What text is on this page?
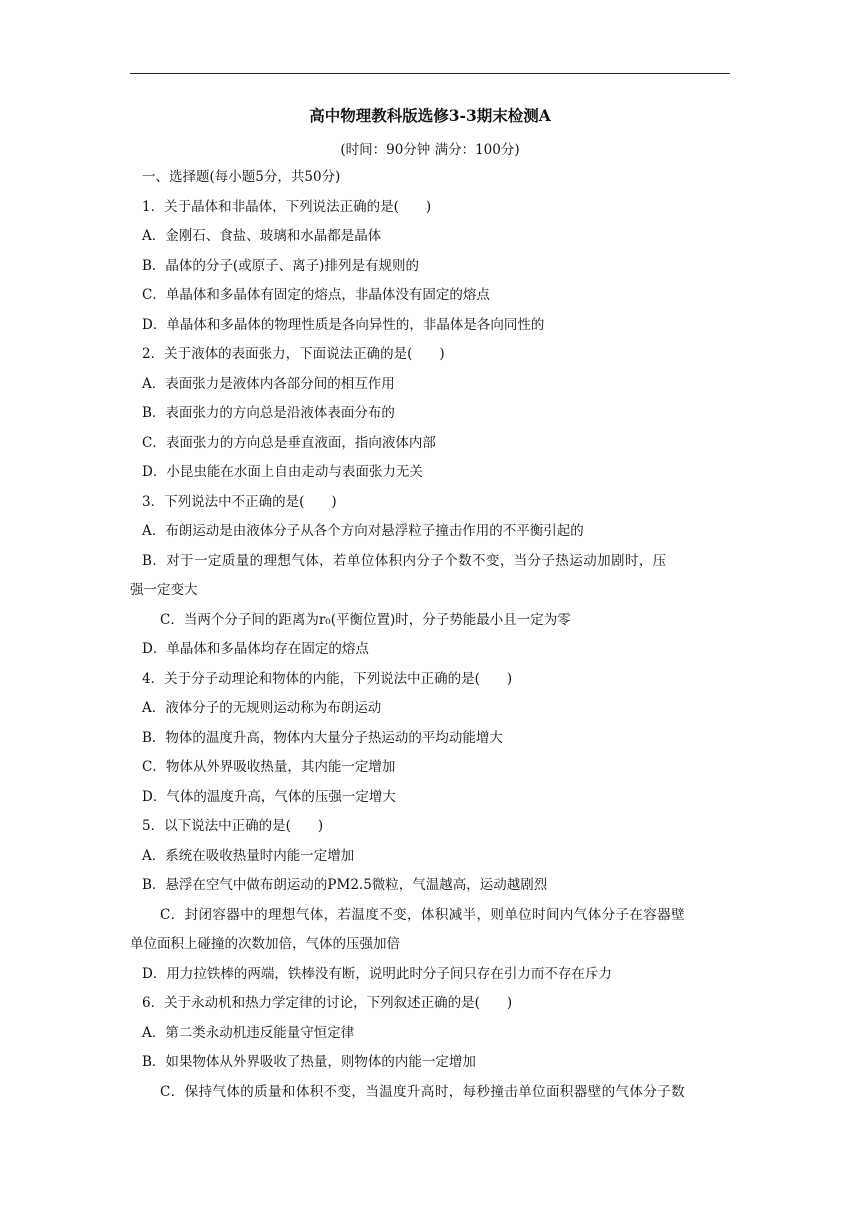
高中物理教科版选修3-3期末检测A
(时间：90分钟 满分：100分)
一、选择题(每小题5分，共50分)
1．关于晶体和非晶体，下列说法正确的是(　　)
A．金刚石、食盐、玻璃和水晶都是晶体
B．晶体的分子(或原子、离子)排列是有规则的
C．单晶体和多晶体有固定的熔点，非晶体没有固定的熔点
D．单晶体和多晶体的物理性质是各向异性的，非晶体是各向同性的
2．关于液体的表面张力，下面说法正确的是(　　)
A．表面张力是液体内各部分间的相互作用
B．表面张力的方向总是沿液体表面分布的
C．表面张力的方向总是垂直液面，指向液体内部
D．小昆虫能在水面上自由走动与表面张力无关
3．下列说法中不正确的是(　　)
A．布朗运动是由液体分子从各个方向对悬浮粒子撞击作用的不平衡引起的
B．对于一定质量的理想气体，若单位体积内分子个数不变，当分子热运动加剧时，压
强一定变大
C．当两个分子间的距离为r₀(平衡位置)时，分子势能最小且一定为零
D．单晶体和多晶体均存在固定的熔点
4．关于分子动理论和物体的内能，下列说法中正确的是(　　)
A．液体分子的无规则运动称为布朗运动
B．物体的温度升高，物体内大量分子热运动的平均动能增大
C．物体从外界吸收热量，其内能一定增加
D．气体的温度升高，气体的压强一定增大
5．以下说法中正确的是(　　)
A．系统在吸收热量时内能一定增加
B．悬浮在空气中做布朗运动的PM2.5微粒，气温越高，运动越剧烈
C．封闭容器中的理想气体，若温度不变，体积减半，则单位时间内气体分子在容器壁
单位面积上碰撞的次数加倍，气体的压强加倍
D．用力拉铁棒的两端，铁棒没有断，说明此时分子间只存在引力而不存在斥力
6．关于永动机和热力学定律的讨论，下列叙述正确的是(　　)
A．第二类永动机违反能量守恒定律
B．如果物体从外界吸收了热量，则物体的内能一定增加
C．保持气体的质量和体积不变，当温度升高时，每秒撞击单位面积器壁的气体分子数
